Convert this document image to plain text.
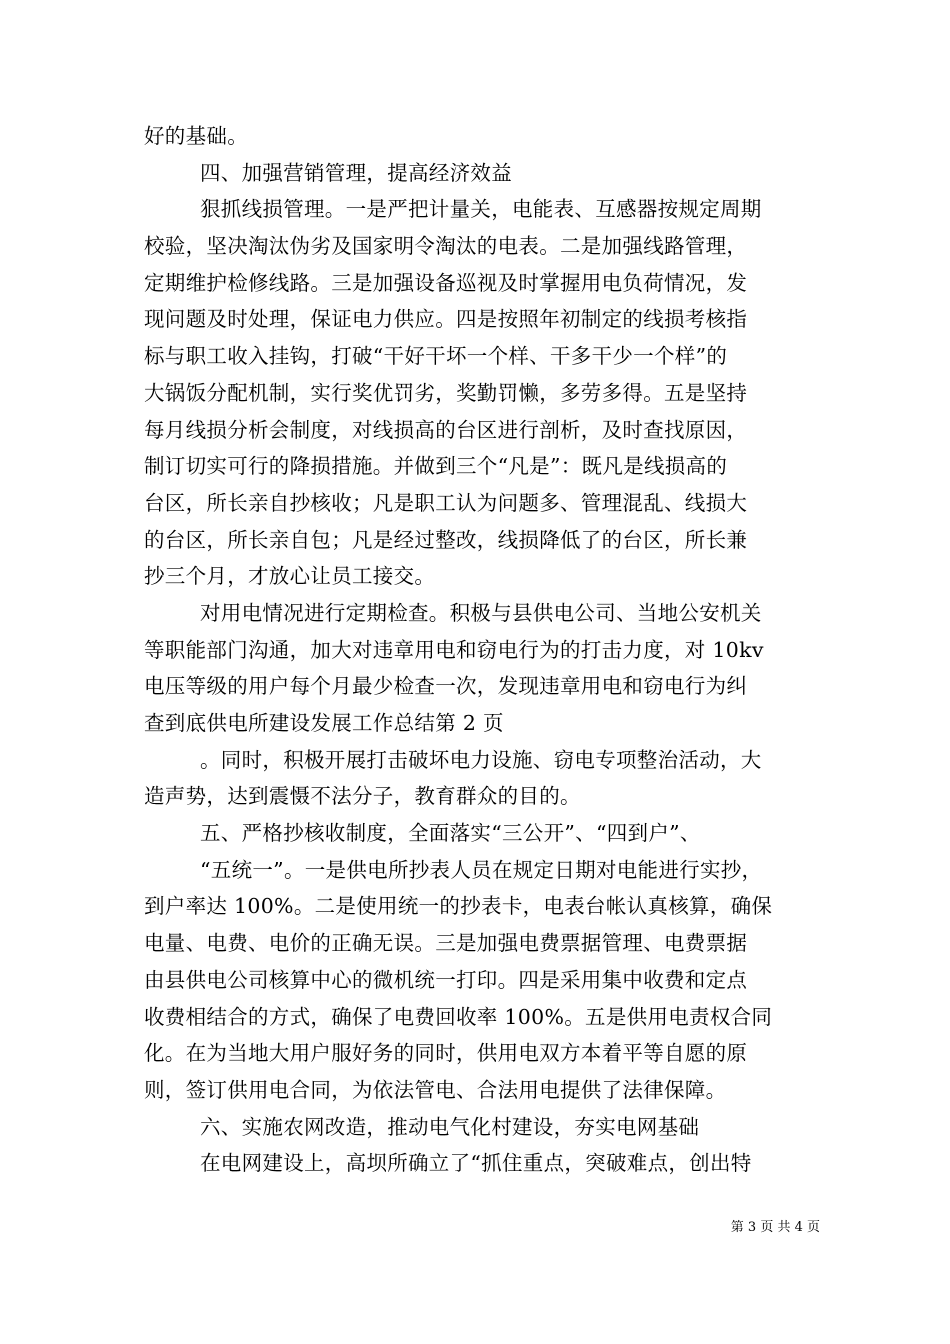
好的基础。

四、加强营销管理，提高经济效益

狠抓线损管理。一是严把计量关，电能表、互感器按规定周期

校验，坚决淘汰伪劣及国家明令淘汰的电表。二是加强线路管理，

定期维护检修线路。三是加强设备巡视及时掌握用电负荷情况，发

现问题及时处理，保证电力供应。四是按照年初制定的线损考核指

标与职工收入挂钩，打破“干好干坏一个样、干多干少一个样”的

大锅饭分配机制，实行奖优罚劣，奖勤罚懒，多劳多得。五是坚持

每月线损分析会制度，对线损高的台区进行剖析，及时查找原因，

制订切实可行的降损措施。并做到三个“凡是”：既凡是线损高的

台区，所长亲自抄核收；凡是职工认为问题多、管理混乱、线损大

的台区，所长亲自包；凡是经过整改，线损降低了的台区，所长兼

抄三个月，才放心让员工接交。

对用电情况进行定期检查。积极与县供电公司、当地公安机关

等职能部门沟通，加大对违章用电和窃电行为的打击力度，对 10kv

电压等级的用户每个月最少检查一次，发现违章用电和窃电行为纠

查到底供电所建设发展工作总结第 2 页

。同时，积极开展打击破坏电力设施、窃电专项整治活动，大

造声势，达到震慑不法分子，教育群众的目的。

五、严格抄核收制度，全面落实“三公开”、“四到户”、

“五统一”。一是供电所抄表人员在规定日期对电能进行实抄，

到户率达 100%。二是使用统一的抄表卡，电表台帐认真核算，确保

电量、电费、电价的正确无误。三是加强电费票据管理、电费票据

由县供电公司核算中心的微机统一打印。四是采用集中收费和定点

收费相结合的方式，确保了电费回收率 100%。五是供用电责权合同

化。在为当地大用户服好务的同时，供用电双方本着平等自愿的原

则，签订供用电合同，为依法管电、合法用电提供了法律保障。

六、实施农网改造，推动电气化村建设，夯实电网基础

在电网建设上，高坝所确立了“抓住重点，突破难点，创出特

第 3 页 共 4 页
